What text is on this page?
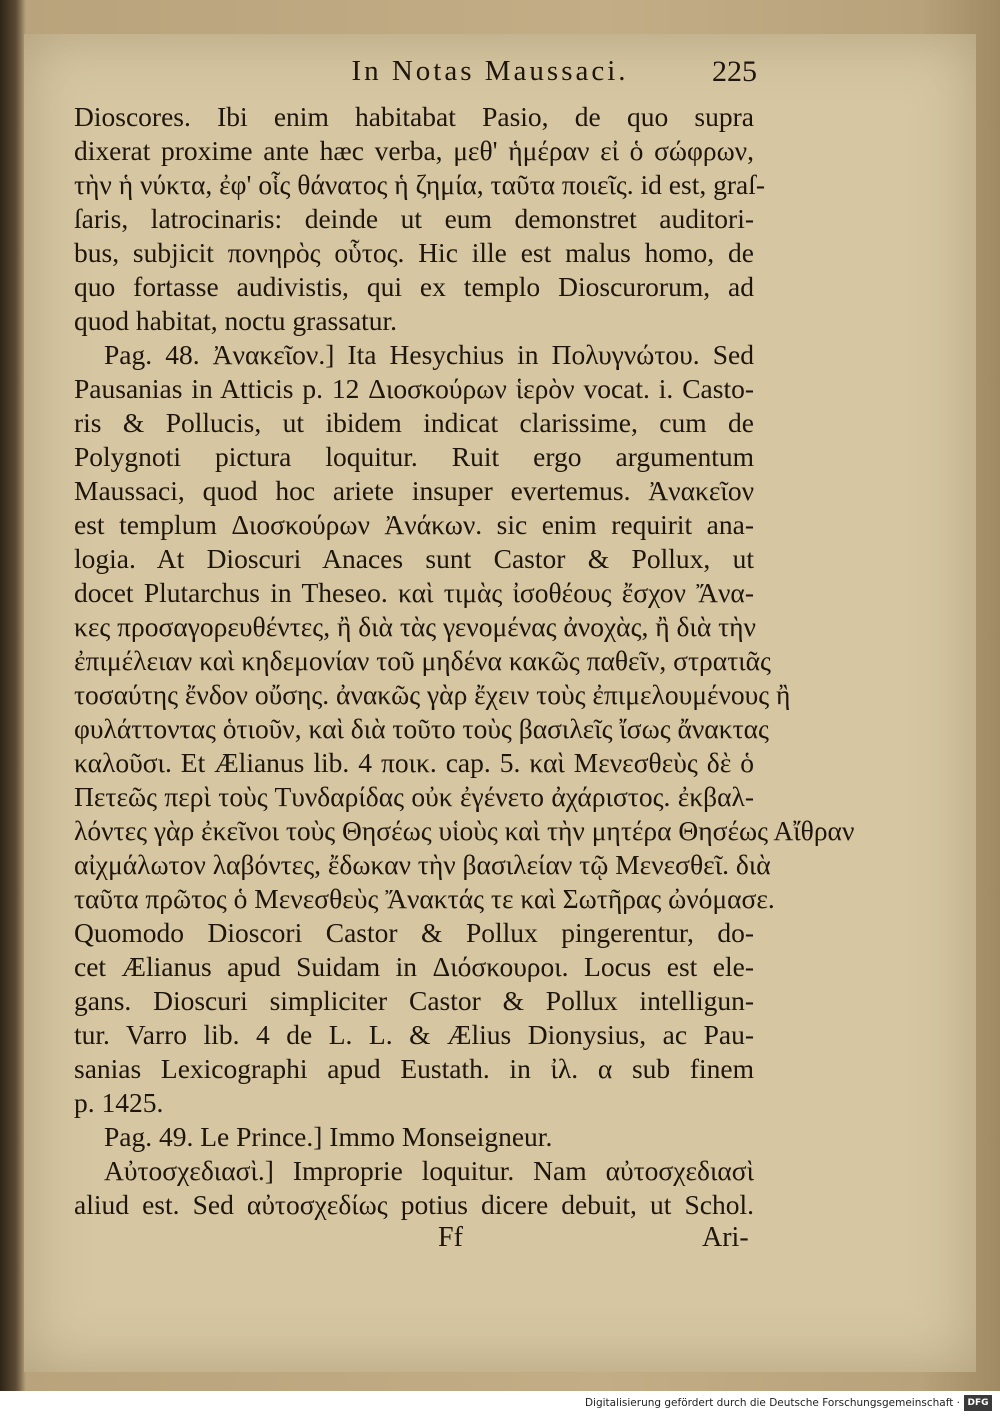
In Notas Maussaci.	225
Dioscores. Ibi enim habitabat Pasio, de quo supra
dixerat proxime ante hæc verba, μεθ' ἡμέραν εἰ ὁ σώφρων,
τὴν ἡ νύκτα, ἐφ' οἷς θάνατος ἡ ζημία, ταῦτα ποιεῖς. id est, graſ-
ſaris, latrocinaris: deinde ut eum demonstret auditori-
bus, subjicit πονηρὸς οὗτος. Hic ille est malus homo, de
quo fortasse audivistis, qui ex templo Dioscurorum, ad
quod habitat, noctu grassatur.
Pag. 48. Ἀνακεῖον.] Ita Hesychius in Πολυγνώτου. Sed
Pausanias in Atticis p. 12 Διοσκούρων ἱερὸν vocat. i. Castо-
ris & Pollucis, ut ibidem indicat clarissime, cum de
Polygnoti pictura loquitur. Ruit ergo argumentum
Maussaci, quod hoc ariete insuper evertemus. Ἀνακεῖον
est templum Διοσκούρων Ἀνάκων. sic enim requirit ana-
logia. At Dioscuri Anaces sunt Castor & Pollux, ut
docet Plutarchus in Theseo. καὶ τιμὰς ἰσοθέους ἔσχον Ἄνα-
κες προσαγορευθέντες, ἢ διὰ τὰς γενομένας ἀνοχὰς, ἢ διὰ τὴν
ἐπιμέλειαν καὶ κηδεμονίαν τοῦ μηδένα κακῶς παθεῖν, στρατιᾶς
τοσαύτης ἔνδον οὔσης. ἀνακῶς γὰρ ἔχειν τοὺς ἐπιμελουμένους ἢ
φυλάττοντας ὁτιοῦν, καὶ διὰ τοῦτο τοὺς βασιλεῖς ἴσως ἄνακτας
καλοῦσι. Et Ælianus lib. 4 ποικ. cap. 5. καὶ Μενεσθεὺς δὲ ὁ
Πετεῶς περὶ τοὺς Τυνδαρίδας οὐκ ἐγένετο ἀχάριστος. ἐκβαλ-
λόντες γὰρ ἐκεῖνοι τοὺς Θησέως υἱοὺς καὶ τὴν μητέρα Θησέως Αἴθραν
αἰχμάλωτον λαβόντες, ἔδωκαν τὴν βασιλείαν τῷ Μενεσθεῖ. διὰ
ταῦτα πρῶτος ὁ Μενεσθεὺς Ἄνακτάς τε καὶ Σωτῆρας ὠνόμασε.
Quomodo Dioscori Castor & Pollux pingerentur, do-
cet Ælianus apud Suidam in Διόσκουροι. Locus est ele-
gans. Dioscuri simpliciter Castor & Pollux intelligun-
tur. Varro lib. 4 de L. L. & Ælius Dionysius, ac Pau-
sanias Lexicographi apud Eustath. in ἰλ. α sub finem
p. 1425.
Pag. 49. Le Prince.] Immo Monseigneur.
Αὐτοσχεδιασὶ.] Improprie loquitur. Nam αὐτοσχεδιασὶ
aliud est. Sed αὐτοσχεδίως potius dicere debuit, ut Schol.
Ff	Ari-
Digitalisierung gefördert durch die Deutsche Forschungsgemeinschaft · DFG
